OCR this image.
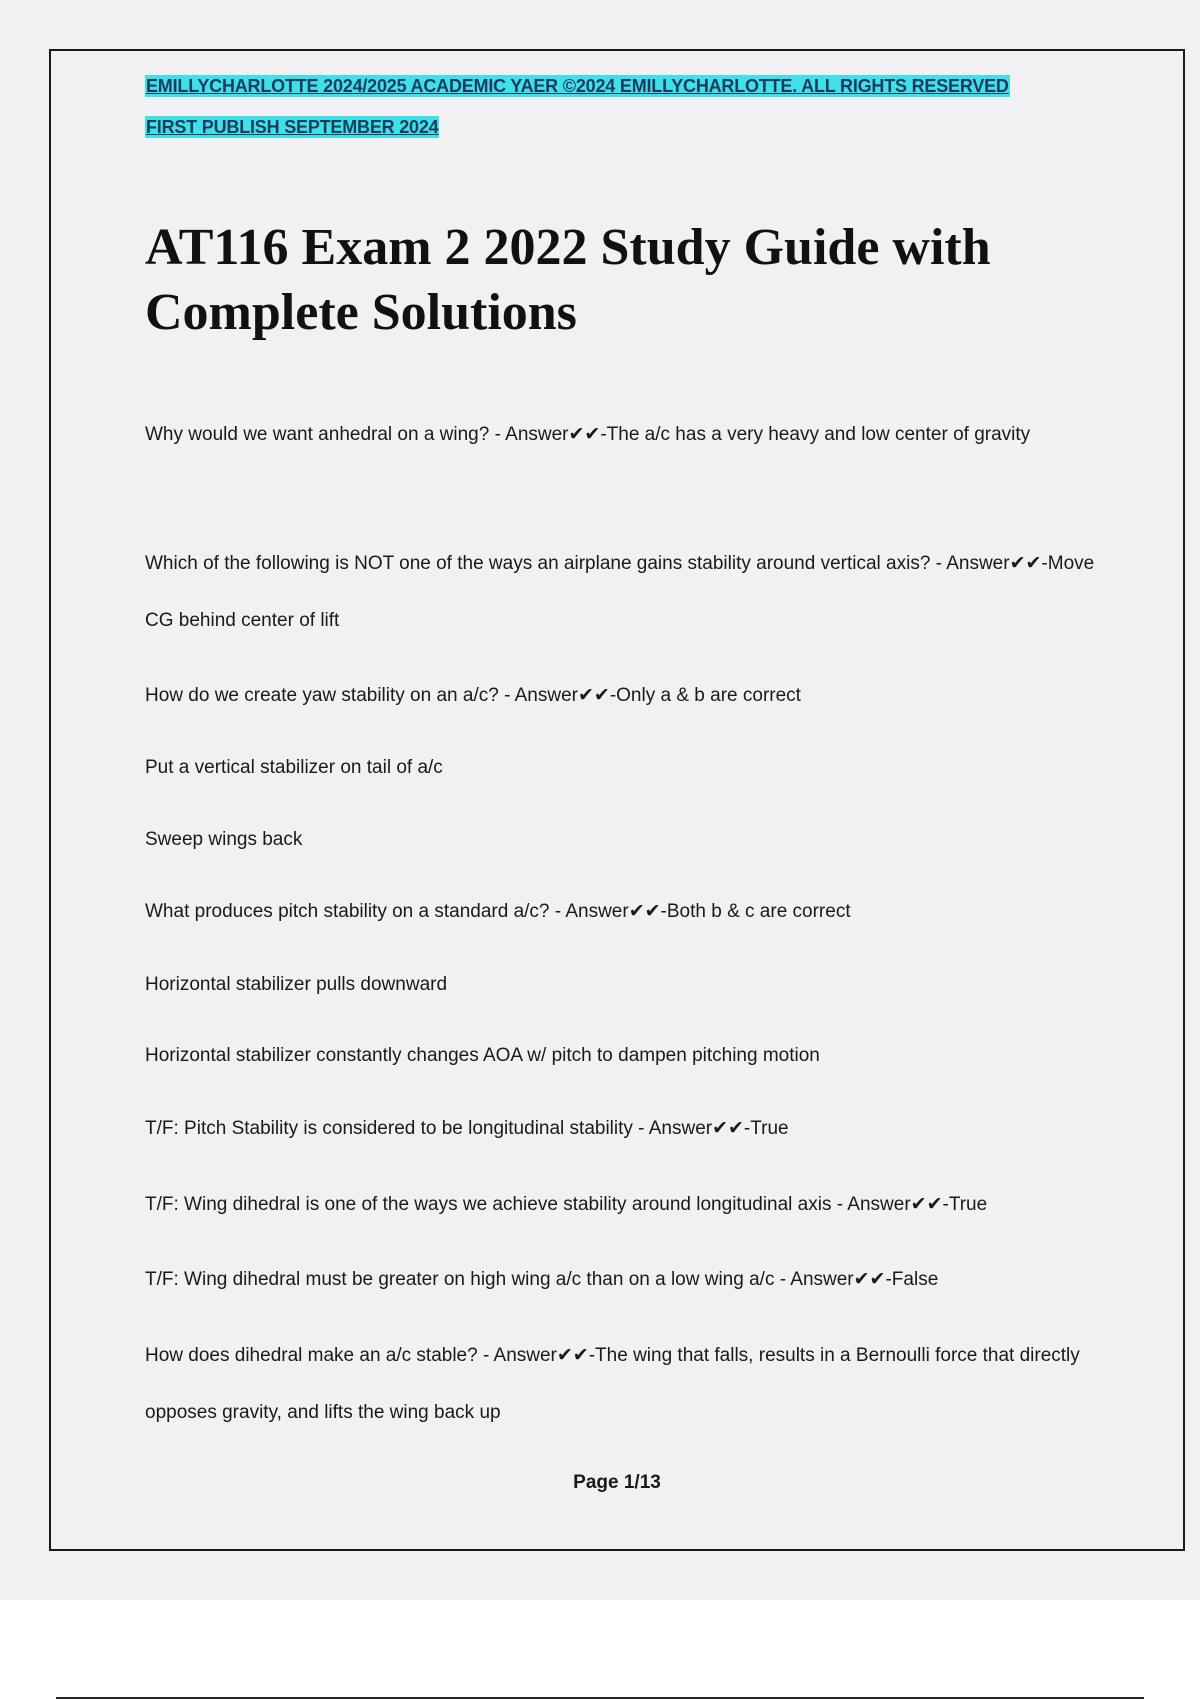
EMILLYCHARLOTTE 2024/2025 ACADEMIC YAER ©2024 EMILLYCHARLOTTE. ALL RIGHTS RESERVED
FIRST PUBLISH SEPTEMBER 2024
AT116 Exam 2 2022 Study Guide with Complete Solutions

Why would we want anhedral on a wing? - Answer✔✔-The a/c has a very heavy and low center of gravity

Which of the following is NOT one of the ways an airplane gains stability around vertical axis? - Answer✔✔-Move CG behind center of lift

How do we create yaw stability on an a/c? - Answer✔✔-Only a & b are correct

Put a vertical stabilizer on tail of a/c

Sweep wings back

What produces pitch stability on a standard a/c? - Answer✔✔-Both b & c are correct

Horizontal stabilizer pulls downward

Horizontal stabilizer constantly changes AOA w/ pitch to dampen pitching motion

T/F: Pitch Stability is considered to be longitudinal stability - Answer✔✔-True

T/F: Wing dihedral is one of the ways we achieve stability around longitudinal axis - Answer✔✔-True

T/F: Wing dihedral must be greater on high wing a/c than on a low wing a/c - Answer✔✔-False

How does dihedral make an a/c stable? - Answer✔✔-The wing that falls, results in a Bernoulli force that directly opposes gravity, and lifts the wing back up

Page 1/13
